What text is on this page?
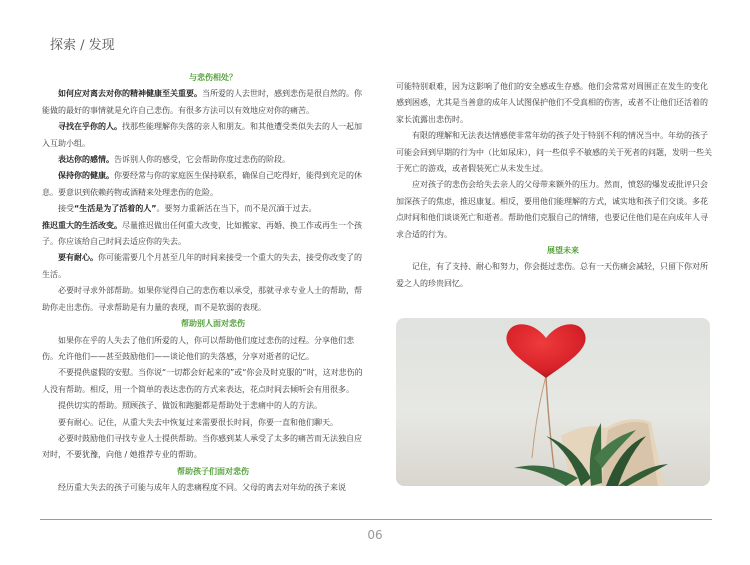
探索 / 发现

与悲伤相处？

如何应对离去对你的精神健康至关重要。当所爱的人去世时，感到悲伤是很自然的。你能做的最好的事情就是允许自己悲伤。有很多方法可以有效地应对你的痛苦。

寻找在乎你的人。找那些能理解你失落的亲人和朋友。和其他遭受类似失去的人一起加入互助小组。

表达你的感情。告诉别人你的感受，它会帮助你度过悲伤的阶段。

保持你的健康。你要经常与你的家庭医生保持联系，确保自己吃得好，能得到充足的休息。要意识到依赖药物或酒精来处理悲伤的危险。

接受“生活是为了活着的人”。要努力重新活在当下，而不是沉湎于过去。

推迟重大的生活改变。尽量推迟做出任何重大改变，比如搬家、再婚、换工作或再生一个孩子。你应该给自己时间去适应你的失去。

要有耐心。你可能需要几个月甚至几年的时间来接受一个重大的失去，接受你改变了的生活。

必要时寻求外部帮助。如果你觉得自己的悲伤难以承受，那就寻求专业人士的帮助，帮助你走出悲伤。寻求帮助是有力量的表现，而不是软弱的表现。

帮助别人面对悲伤

如果你在乎的人失去了他们所爱的人，你可以帮助他们度过悲伤的过程。分享他们悲伤。允许他们——甚至鼓励他们——谈论他们的失落感，分享对逝者的记忆。

不要提供虚假的安慰。当你说“一切都会好起来的”或“你会及时克服的”时，这对悲伤的人没有帮助。相反，用一个简单的表达悲伤的方式来表达，花点时间去倾听会有用很多。

提供切实的帮助。照顾孩子、做饭和跑腿都是帮助处于悲痛中的人的方法。

要有耐心。记住，从重大失去中恢复过来需要很长时间，你要一直和他们聊天。

必要时鼓励他们寻找专业人士提供帮助。当你感到某人承受了太多的痛苦而无法独自应对时，不要犹豫，向他 / 她推荐专业的帮助。

帮助孩子们面对悲伤

经历重大失去的孩子可能与成年人的悲痛程度不同。父母的离去对年幼的孩子来说

可能特别艰难，因为这影响了他们的安全感或生存感。他们会常常对周围正在发生的变化感到困惑，尤其是当善意的成年人试图保护他们不受真相的伤害，或者不让他们还活着的家长流露出悲伤时。

有限的理解和无法表达情感使非常年幼的孩子处于特别不利的情况当中。年幼的孩子可能会回到早期的行为中（比如尿床），问一些似乎不敏感的关于死者的问题，发明一些关于死亡的游戏，或者假装死亡从未发生过。

应对孩子的悲伤会给失去亲人的父母带来额外的压力。然而，愤怒的爆发或批评只会加深孩子的焦虑，推迟康复。相反，要用他们能理解的方式，诚实地和孩子们交谈。多花点时间和他们谈谈死亡和逝者。帮助他们克服自己的情绪，也要记住他们是在向成年人寻求合适的行为。

展望未来

记住，有了支持、耐心和努力，你会挺过悲伤。总有一天伤痛会减轻，只留下你对所爱之人的珍贵回忆。

06
